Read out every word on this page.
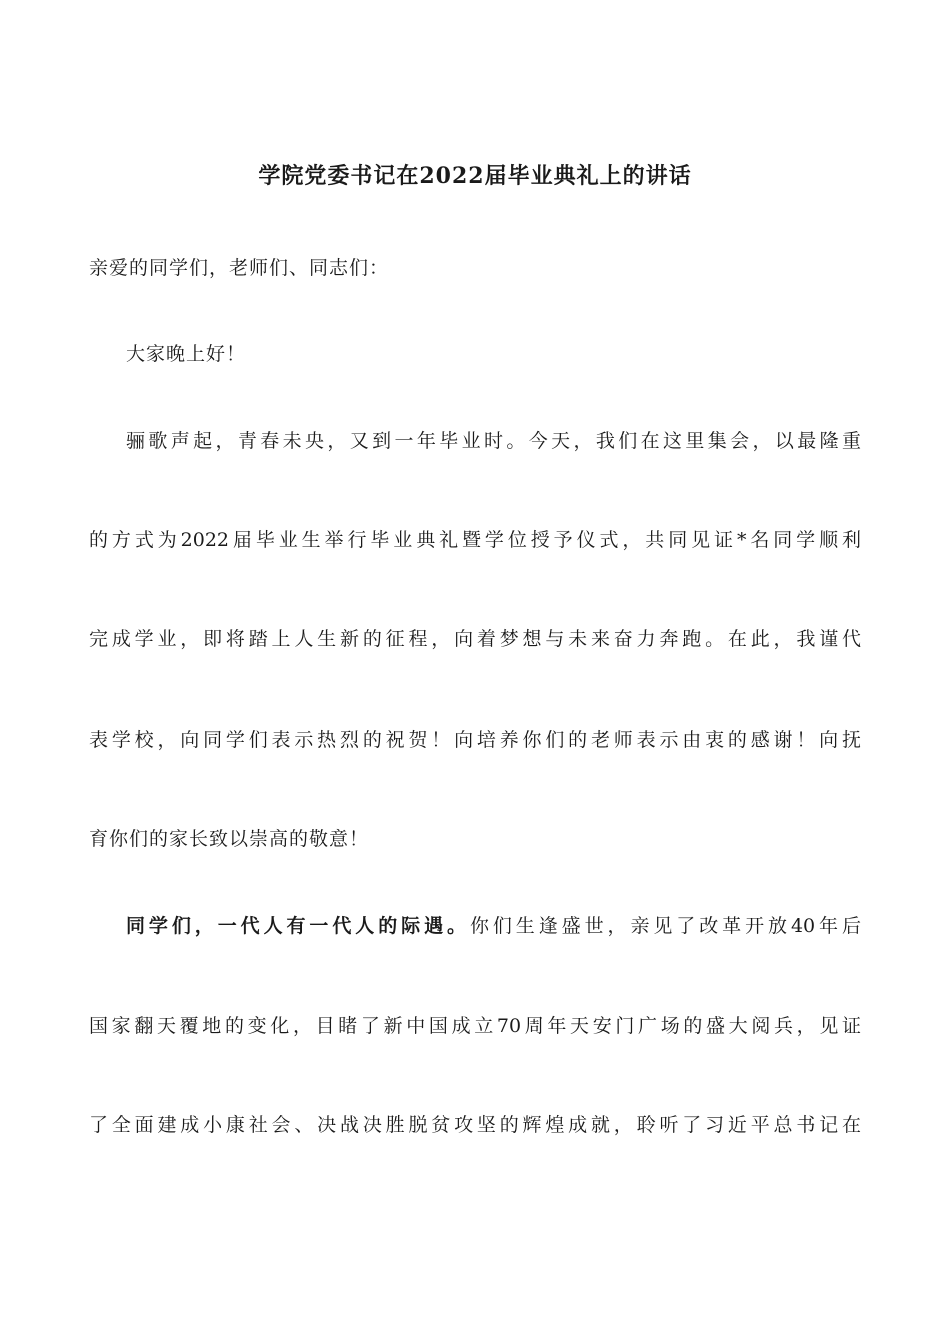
学院党委书记在2022届毕业典礼上的讲话
亲爱的同学们，老师们、同志们：
大家晚上好！
骊歌声起，青春未央，又到一年毕业时。今天，我们在这里集会，以最隆重
的方式为2022届毕业生举行毕业典礼暨学位授予仪式，共同见证*名同学顺利
完成学业，即将踏上人生新的征程，向着梦想与未来奋力奔跑。在此，我谨代
表学校，向同学们表示热烈的祝贺！向培养你们的老师表示由衷的感谢！向抚
育你们的家长致以崇高的敬意！
同学们，一代人有一代人的际遇。你们生逢盛世，亲见了改革开放40年后
国家翻天覆地的变化，目睹了新中国成立70周年天安门广场的盛大阅兵，见证
了全面建成小康社会、决战决胜脱贫攻坚的辉煌成就，聆听了习近平总书记在
